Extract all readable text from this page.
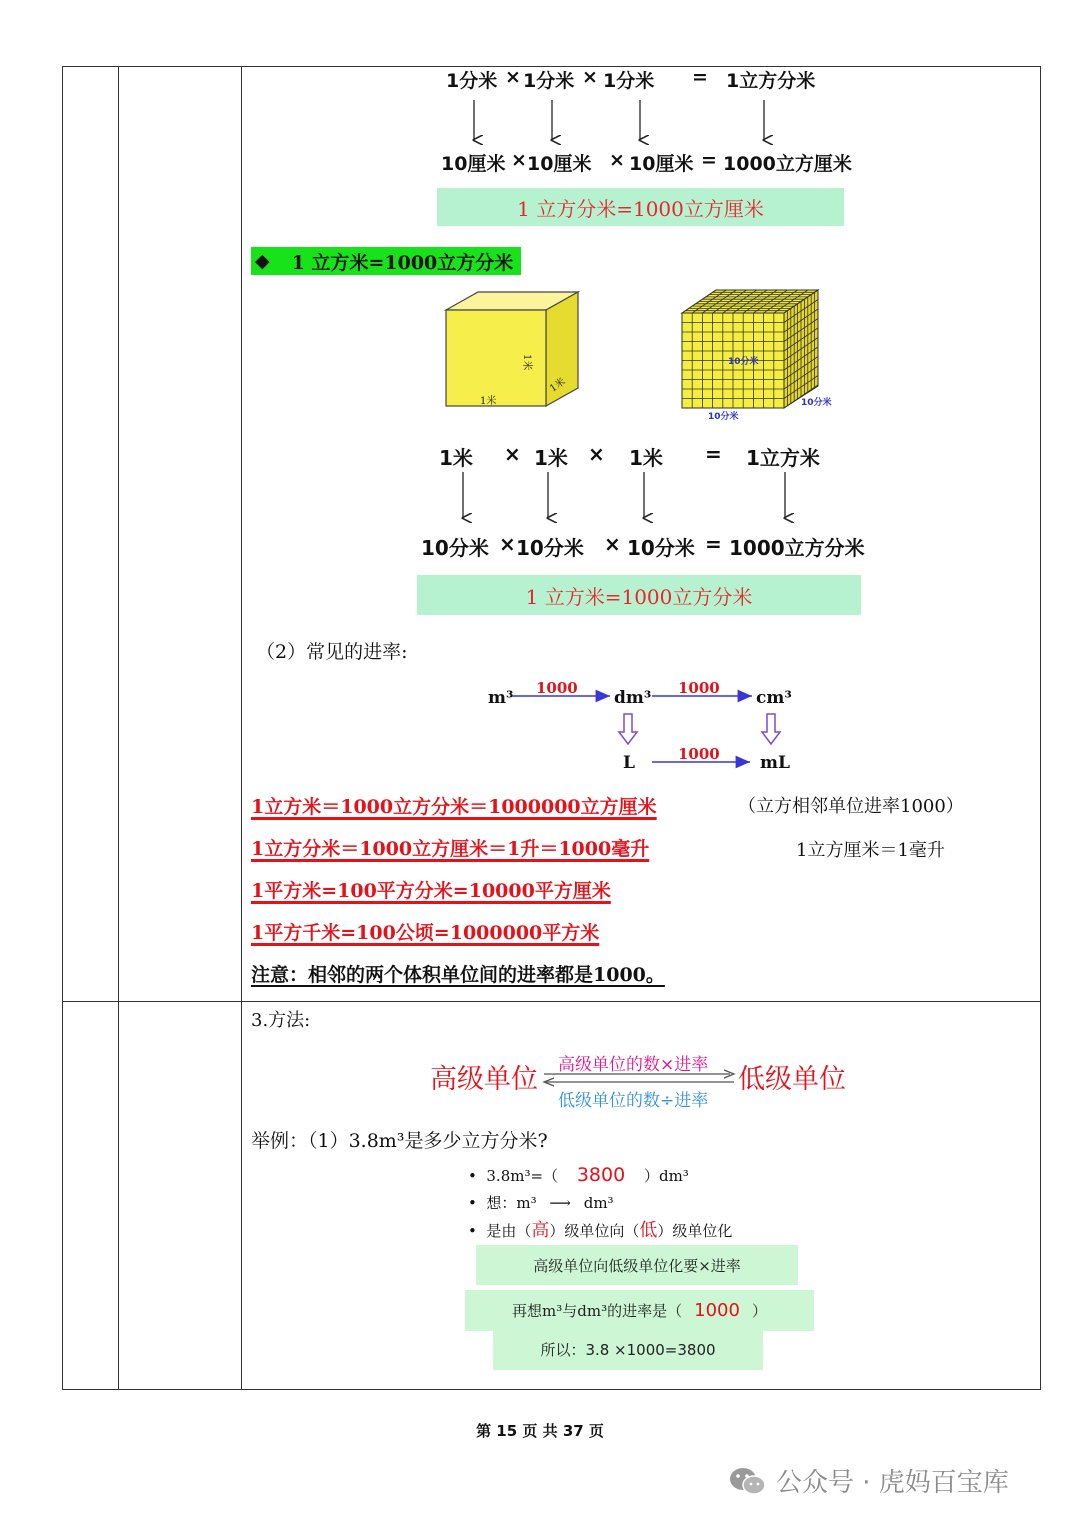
1分米 × 1分米 × 1分米 = 1立方分米
10厘米 × 10厘米 × 10厘米 = 1000立方厘米
1 立方分米=1000立方厘米
◆ 1 立方米=1000立方分米
1米
1米
1米
10分米
10分米
10分米
1米 × 1米 × 1米 = 1立方米
10分米 × 10分米 × 10分米 = 1000立方分米
1 立方米=1000立方分米
（2）常见的进率:
m³ 1000 dm³ 1000 cm³
L	1000 mL
1立方米＝1000立方分米＝1000000立方厘米
1立方分米＝1000立方厘米＝1升＝1000毫升
1平方米=100平方分米=10000平方厘米
1平方千米=100公顷=1000000平方米
（立方相邻单位进率1000）
1立方厘米＝1毫升
注意：相邻的两个体积单位间的进率都是1000。
3.方法:
高级单位	低级单位
高级单位的数×进率
低级单位的数÷进率
举例：（1）3.8m³是多少立方分米?
•  3.8m³=（ 3800 ）dm³
•  想：m³ ⟶ dm³
•  是由（高）级单位向（低）级单位化
高级单位向低级单位化要×进率
再想m³与dm³的进率是（ 1000 ）
所以：3.8 ×1000=3800
第 15 页 共 37 页
公众号 · 虎妈百宝库
